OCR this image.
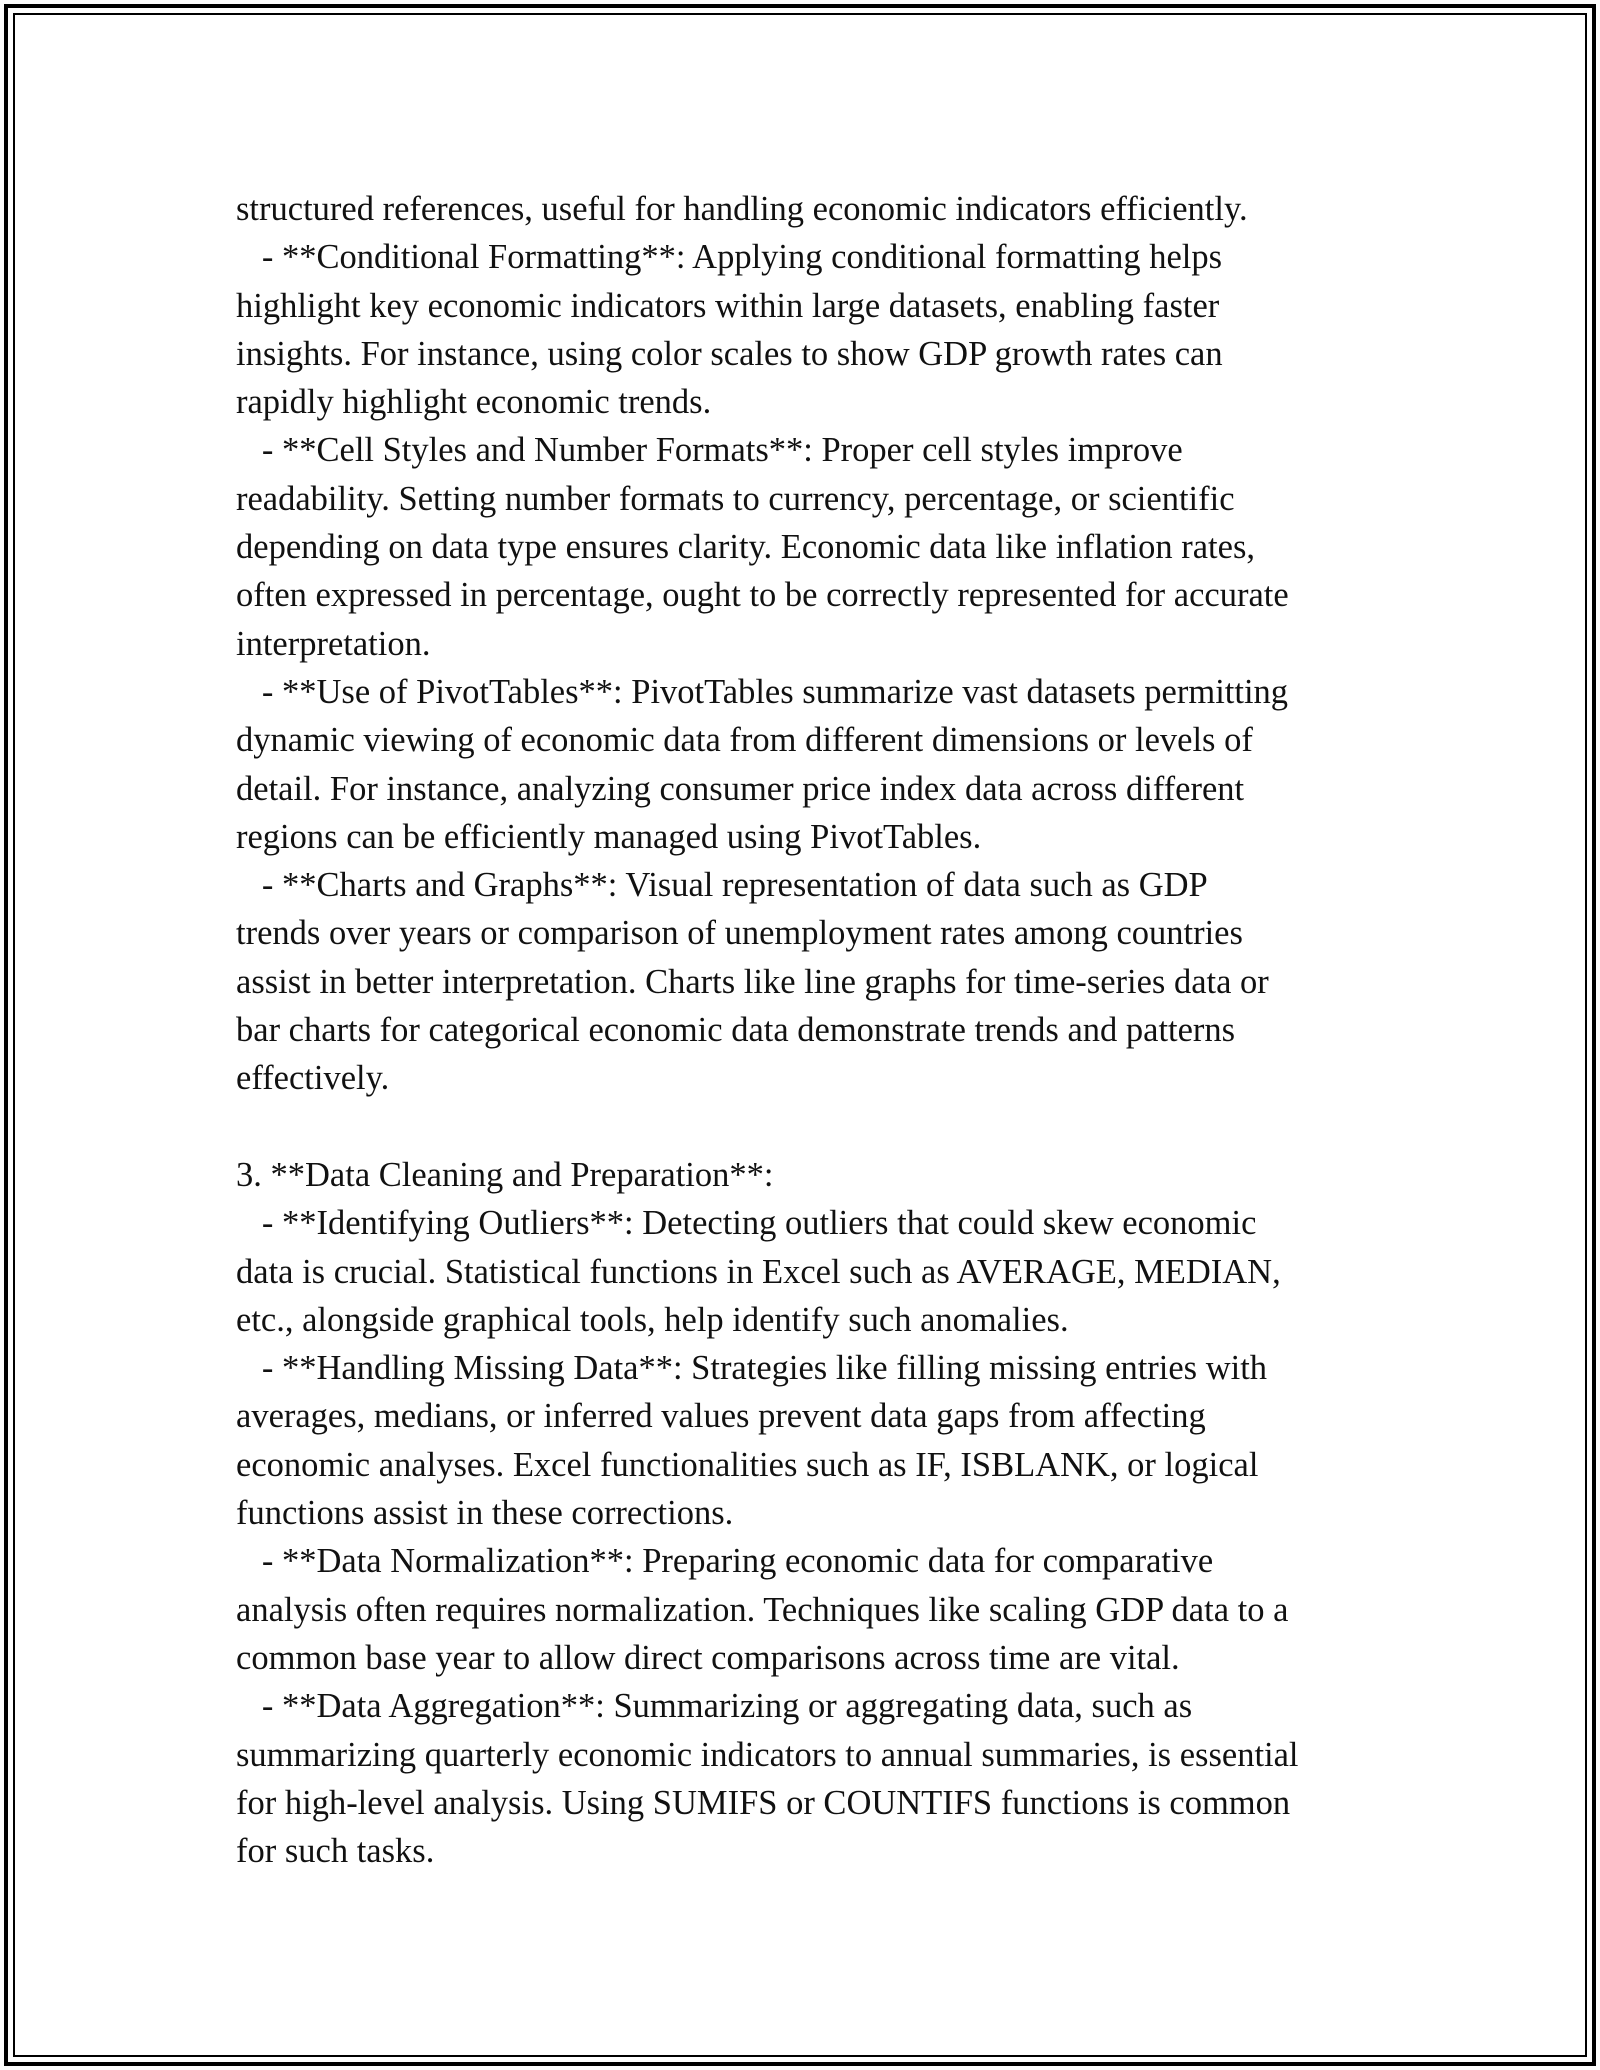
structured references, useful for handling economic indicators efficiently.

- **Conditional Formatting**: Applying conditional formatting helps

highlight key economic indicators within large datasets, enabling faster

insights. For instance, using color scales to show GDP growth rates can

rapidly highlight economic trends.

- **Cell Styles and Number Formats**: Proper cell styles improve

readability. Setting number formats to currency, percentage, or scientific

depending on data type ensures clarity. Economic data like inflation rates,

often expressed in percentage, ought to be correctly represented for accurate

interpretation.

- **Use of PivotTables**: PivotTables summarize vast datasets permitting

dynamic viewing of economic data from different dimensions or levels of

detail. For instance, analyzing consumer price index data across different

regions can be efficiently managed using PivotTables.

- **Charts and Graphs**: Visual representation of data such as GDP

trends over years or comparison of unemployment rates among countries

assist in better interpretation. Charts like line graphs for time-series data or

bar charts for categorical economic data demonstrate trends and patterns

effectively.

3. **Data Cleaning and Preparation**:

- **Identifying Outliers**: Detecting outliers that could skew economic

data is crucial. Statistical functions in Excel such as AVERAGE, MEDIAN,

etc., alongside graphical tools, help identify such anomalies.

- **Handling Missing Data**: Strategies like filling missing entries with

averages, medians, or inferred values prevent data gaps from affecting

economic analyses. Excel functionalities such as IF, ISBLANK, or logical

functions assist in these corrections.

- **Data Normalization**: Preparing economic data for comparative

analysis often requires normalization. Techniques like scaling GDP data to a

common base year to allow direct comparisons across time are vital.

- **Data Aggregation**: Summarizing or aggregating data, such as

summarizing quarterly economic indicators to annual summaries, is essential

for high-level analysis. Using SUMIFS or COUNTIFS functions is common

for such tasks.
